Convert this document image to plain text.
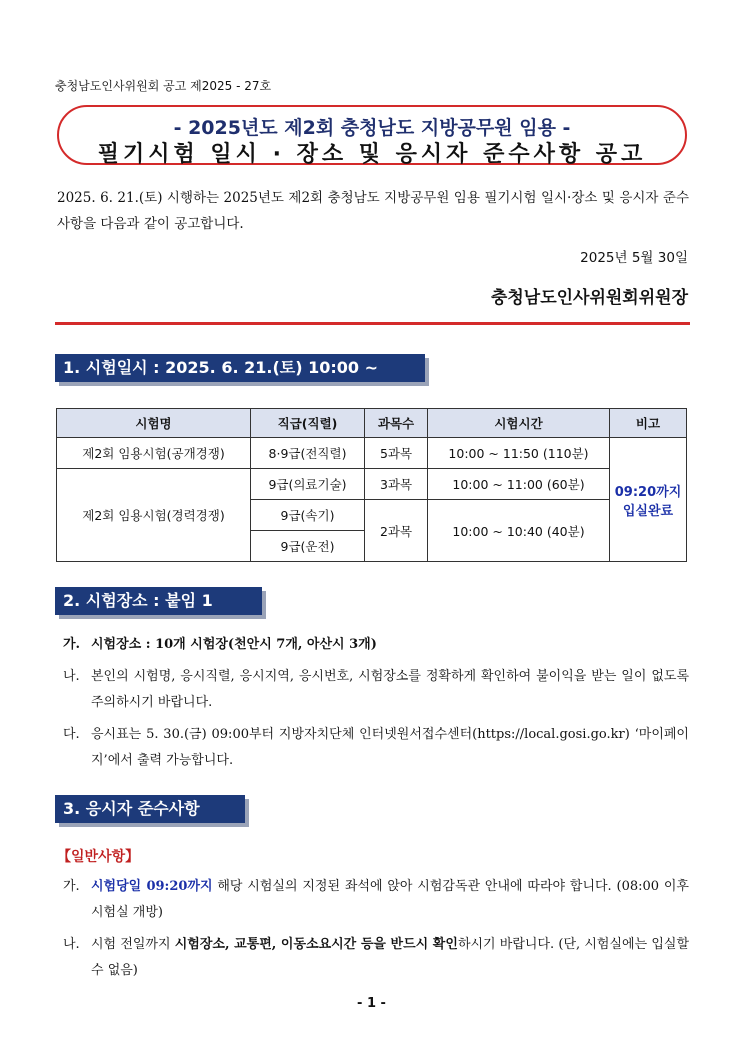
충청남도인사위원회 공고 제2025 - 27호
- 2025년도 제2회 충청남도 지방공무원 임용 -
필기시험 일시 · 장소 및 응시자 준수사항 공고
2025. 6. 21.(토) 시행하는 2025년도 제2회 충청남도 지방공무원 임용 필기시험 일시·장소 및 응시자 준수사항을 다음과 같이 공고합니다.
2025년 5월 30일
충청남도인사위원회위원장
1. 시험일시 : 2025. 6. 21.(토) 10:00 ~
시험명	직급(직렬)	과목수	시험시간	비고
제2회 임용시험(공개경쟁)	8·9급(전직렬)	5과목	10:00 ~ 11:50 (110분)	09:20까지 입실완료
제2회 임용시험(경력경쟁)	9급(의료기술)	3과목	10:00 ~ 11:00 (60분)	
	9급(속기)	2과목	10:00 ~ 10:40 (40분)	
	9급(운전)			
2. 시험장소 : 붙임 1
가. 시험장소 : 10개 시험장(천안시 7개, 아산시 3개)
나. 본인의 시험명, 응시직렬, 응시지역, 응시번호, 시험장소를 정확하게 확인하여 불이익을 받는 일이 없도록 주의하시기 바랍니다.
다. 응시표는 5. 30.(금) 09:00부터 지방자치단체 인터넷원서접수센터(https://local.gosi.go.kr) ‘마이페이지’에서 출력 가능합니다.
3. 응시자 준수사항
【일반사항】
가. 시험당일 09:20까지 해당 시험실의 지정된 좌석에 앉아 시험감독관 안내에 따라야 합니다. (08:00 이후 시험실 개방)
나. 시험 전일까지 시험장소, 교통편, 이동소요시간 등을 반드시 확인하시기 바랍니다. (단, 시험실에는 입실할 수 없음)
- 1 -
